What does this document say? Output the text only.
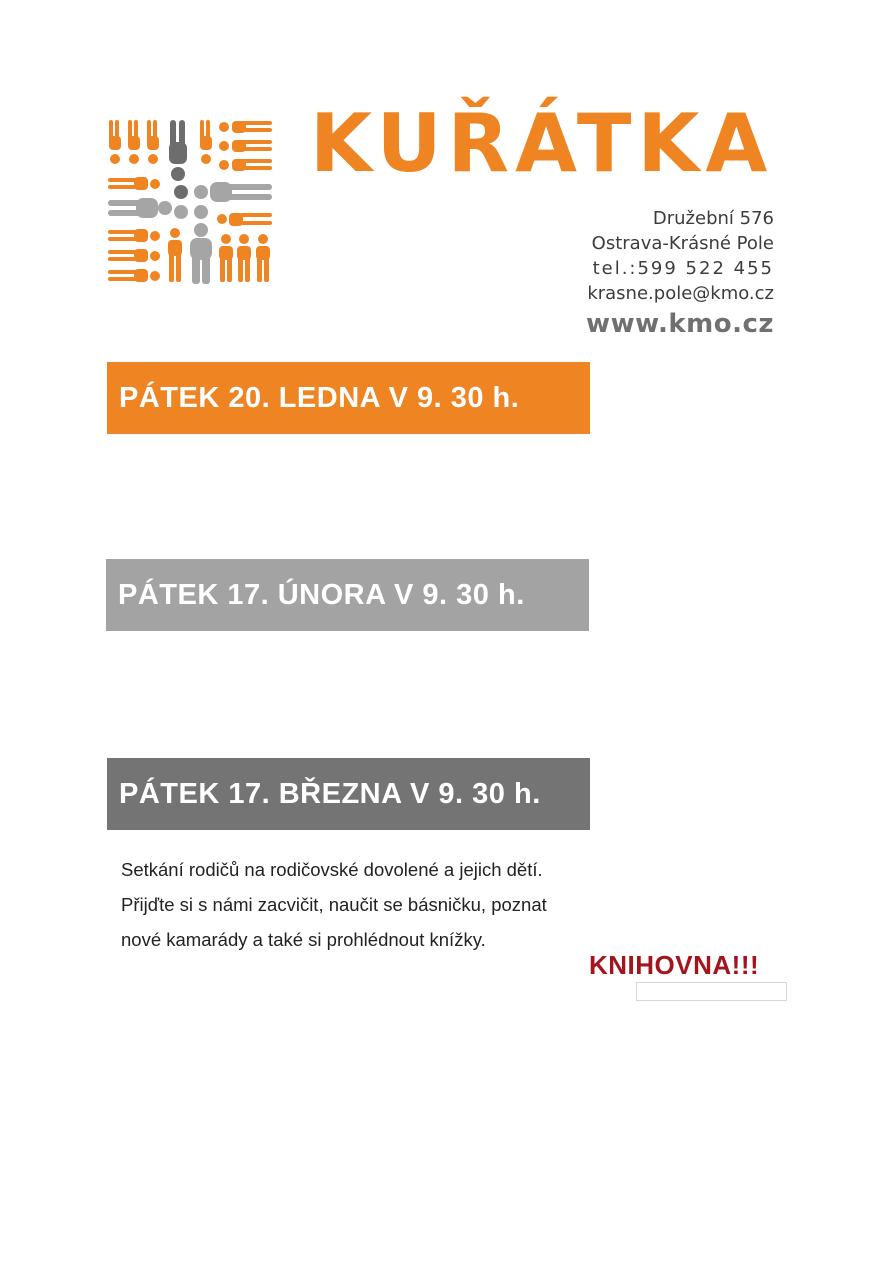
KUŘÁTKA
Družební 576
Ostrava-Krásné Pole
tel.:599 522 455
krasne.pole@kmo.cz
www.kmo.cz
PÁTEK 20. LEDNA V 9. 30 h.
PÁTEK 17. ÚNORA V 9. 30 h.
PÁTEK 17. BŘEZNA V 9. 30 h.

Setkání rodičů na rodičovské dovolené a jejich dětí.

Přijďte si s námi zacvičit, naučit se básničku, poznat

nové kamarády a také si prohlédnout knížky.

KNIHOVNA!!!
